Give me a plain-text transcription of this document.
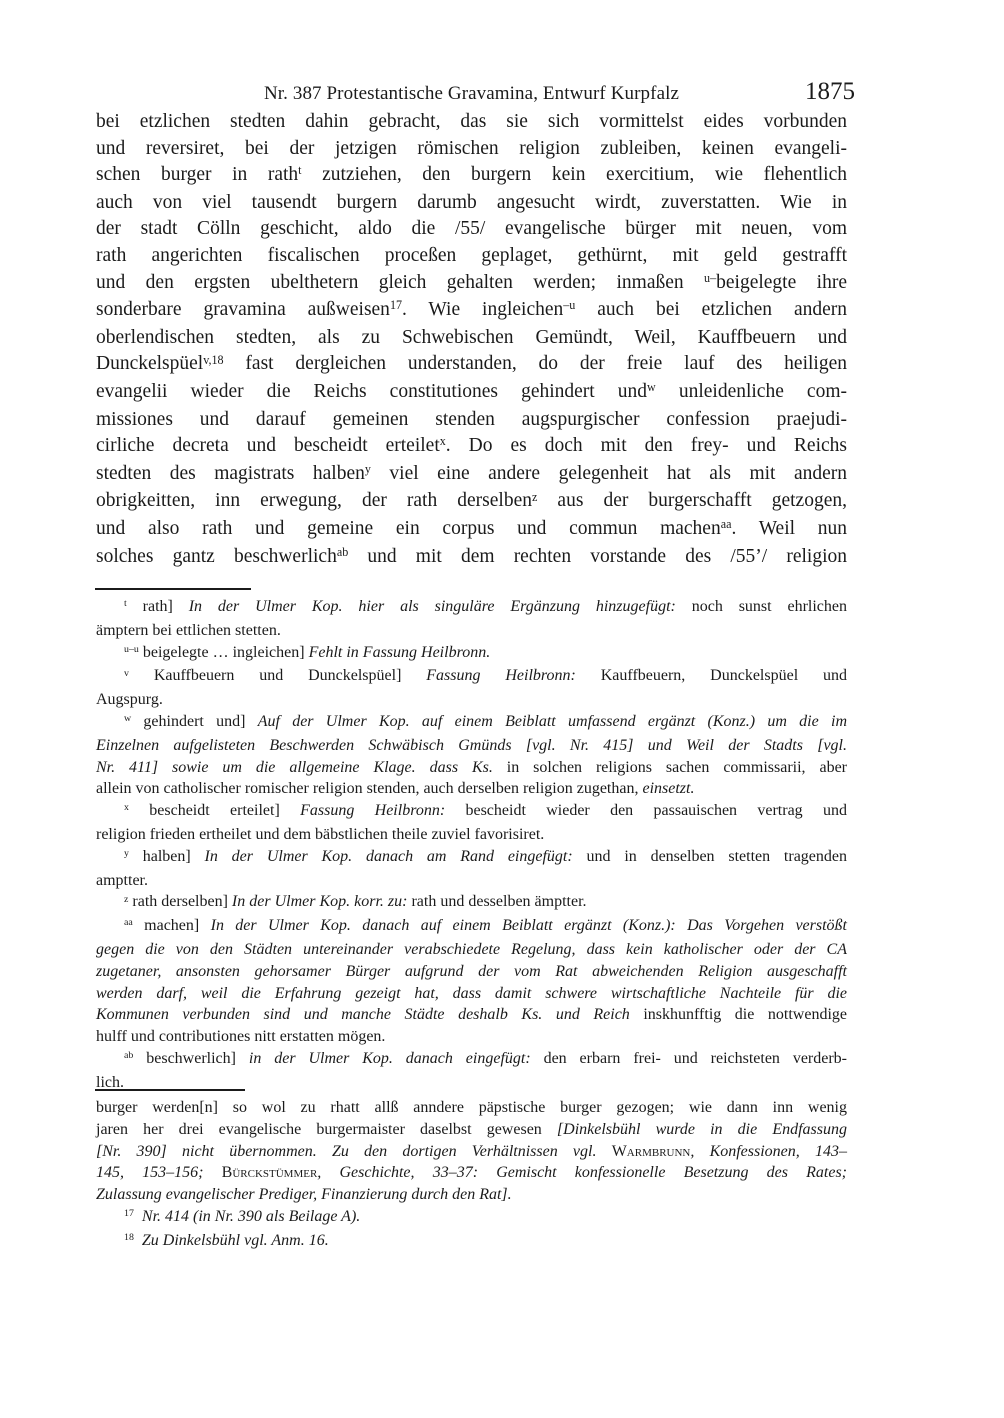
Nr. 387 Protestantische Gravamina, Entwurf Kurpfalz	1875
bei etzlichen stedten dahin gebracht, das sie sich vormittelst eides vorbunden
und reversiret, bei der jetzigen römischen religion zubleiben, keinen evangeli-
schen burger in rath$^t$ zutziehen, den burgern kein exercitium, wie flehentlich
auch von viel tausendt burgern darumb angesucht wirdt, zuverstatten. Wie in
der stadt Cölln geschicht, aldo die /55/ evangelische bürger mit neuen, vom
rath angerichten fiscalischen proceßen geplaget, gethürnt, mit geld gestrafft
und den ergsten ubelthetern gleich gehalten werden; inmaßen $^{u-}$beigelegte ihre
sonderbare gravamina außweisen$^{17}$. Wie ingleichen$^{-u}$ auch bei etzlichen andern
oberlendischen stedten, als zu Schwebischen Gemündt, Weil, Kauffbeuern und
Dunckelspüel$^{v,18}$ fast dergleichen understanden, do der freie lauf des heiligen
evangelii wieder die Reichs constitutiones gehindert und$^w$ unleidenliche com-
missiones und darauf gemeinen stenden augspurgischer confession praejudi-
cirliche decreta und bescheidt erteilet$^x$. Do es doch mit den frey- und Reichs
stedten des magistrats halben$^y$ viel eine andere gelegenheit hat als mit andern
obrigkeitten, inn erwegung, der rath derselben$^z$ aus der burgerschafft getzogen,
und also rath und gemeine ein corpus und commun machen$^{aa}$. Weil nun
solches gantz beschwerlich$^{ab}$ und mit dem rechten vorstande des /55’/ religion
$^t$ rath] In der Ulmer Kop. hier als singuläre Ergänzung hinzugefügt: noch sunst ehrlichen
ämptern bei ettlichen stetten.
$^{u-u}$ beigelegte … ingleichen] Fehlt in Fassung Heilbronn.
$^v$ Kauffbeuern und Dunckelspüel] Fassung Heilbronn: Kauffbeuern, Dunckelspüel und
Augspurg.
$^w$ gehindert und] Auf der Ulmer Kop. auf einem Beiblatt umfassend ergänzt (Konz.) um die im
Einzelnen aufgelisteten Beschwerden Schwäbisch Gmünds [vgl. Nr. 415] und Weil der Stadts [vgl.
Nr. 411] sowie um die allgemeine Klage. dass Ks. in solchen religions sachen commissarii, aber
allein von catholischer romischer religion stenden, auch derselben religion zugethan, einsetzt.
$^x$ bescheidt erteilet] Fassung Heilbronn: bescheidt wieder den passauischen vertrag und
religion frieden ertheilet und dem bäbstlichen theile zuviel favorisiret.
$^y$ halben] In der Ulmer Kop. danach am Rand eingefügt: und in denselben stetten tragenden
amptter.
$^z$ rath derselben] In der Ulmer Kop. korr. zu: rath und desselben ämptter.
$^{aa}$ machen] In der Ulmer Kop. danach auf einem Beiblatt ergänzt (Konz.): Das Vorgehen verstößt
gegen die von den Städten untereinander verabschiedete Regelung, dass kein katholischer oder der CA
zugetaner, ansonsten gehorsamer Bürger aufgrund der vom Rat abweichenden Religion ausgeschafft
werden darf, weil die Erfahrung gezeigt hat, dass damit schwere wirtschaftliche Nachteile für die
Kommunen verbunden sind und manche Städte deshalb Ks. und Reich inskhunfftig die nottwendige
hulff und contributiones nitt erstatten mögen.
$^{ab}$ beschwerlich] in der Ulmer Kop. danach eingefügt: den erbarn frei- und reichsteten verderb-
lich.
burger werden[n] so wol zu rhatt allß anndere päpstische burger gezogen; wie dann inn wenig
jaren her drei evangelische burgermaister daselbst gewesen [Dinkelsbühl wurde in die Endfassung
[Nr. 390] nicht übernommen. Zu den dortigen Verhältnissen vgl. Warmbrunn, Konfessionen, 143–
145, 153–156; Bürckstümmer, Geschichte, 33–37: Gemischt konfessionelle Besetzung des Rates;
Zulassung evangelischer Prediger, Finanzierung durch den Rat].
$^{17}$ Nr. 414 (in Nr. 390 als Beilage A).
$^{18}$ Zu Dinkelsbühl vgl. Anm. 16.
